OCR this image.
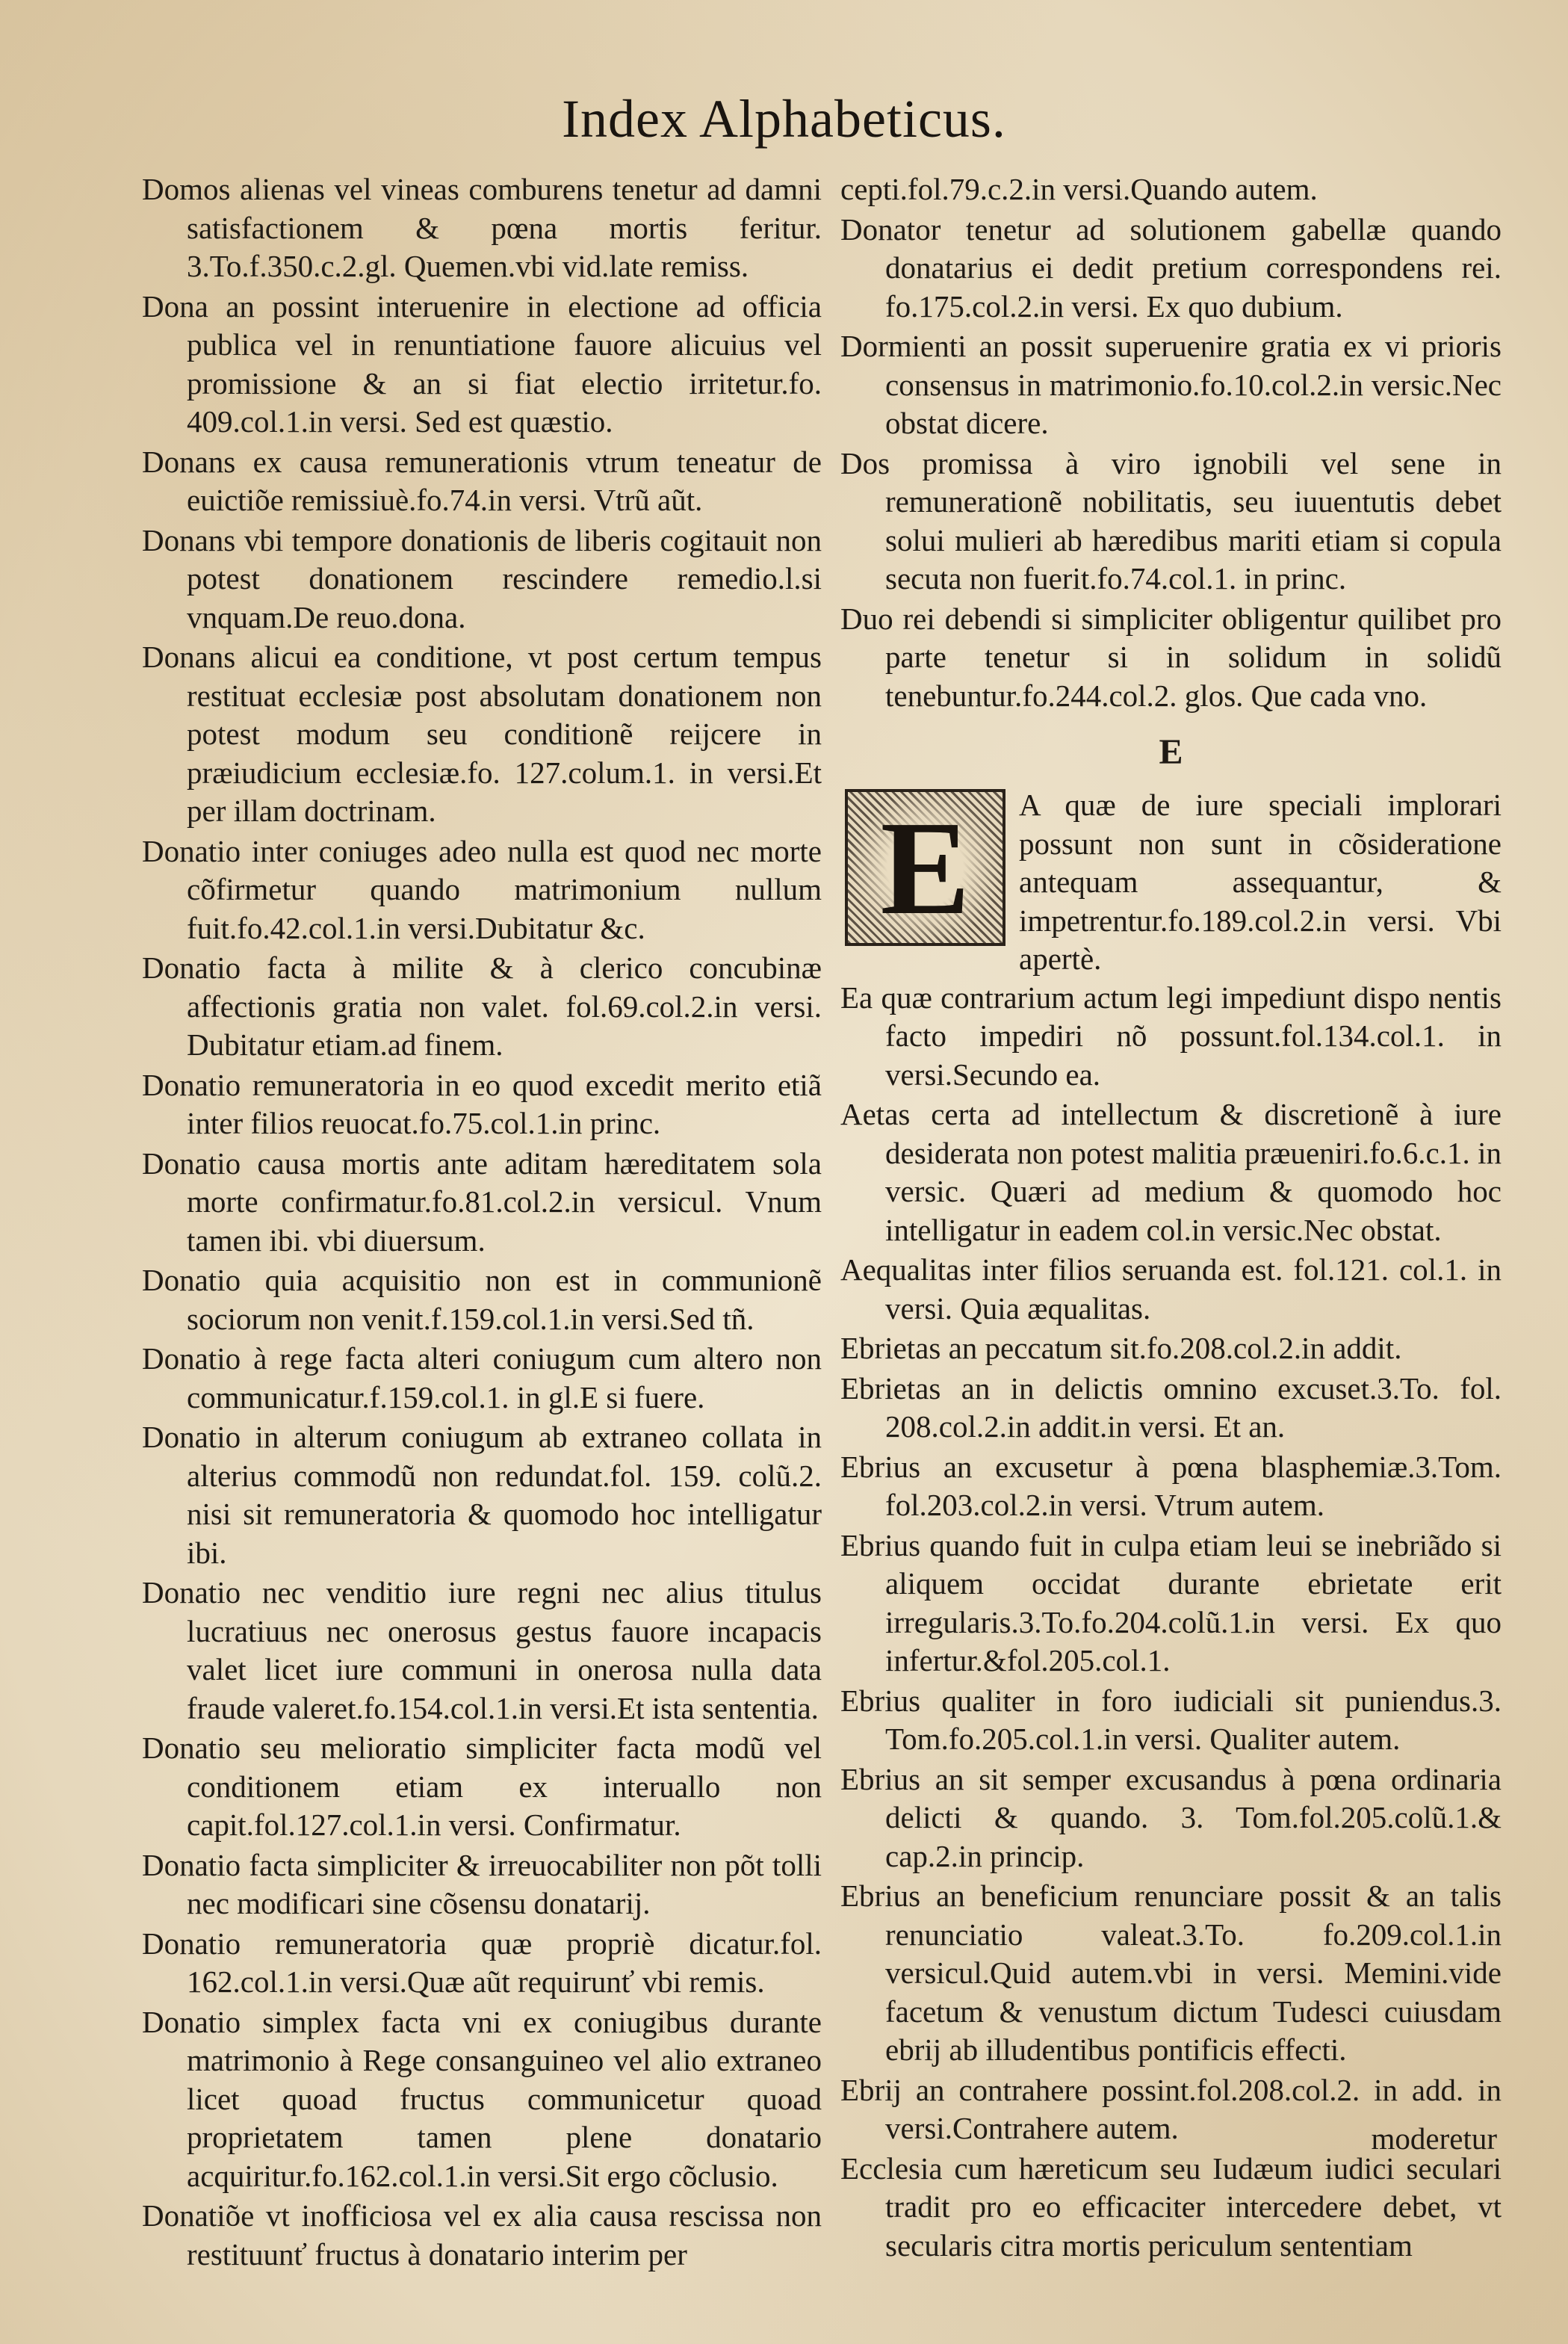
Index Alphabeticus.

Domos alienas vel vineas comburens tenetur ad damni satisfactionem & pœna mortis feritur. 3.To.f.350.c.2.gl. Quemen.vbi vid.late remiss.

Dona an possint interuenire in electione ad officia publica vel in renuntiatione fauore alicuius vel promissione & an si fiat electio irritetur.fo. 409.col.1.in versi. Sed est quæstio.

Donans ex causa remunerationis vtrum teneatur de euictiõe remissiuè.fo.74.in versi. Vtrũ aũt.

Donans vbi tempore donationis de liberis cogitauit non potest donationem rescindere remedio.l.si vnquam.De reuo.dona.

Donans alicui ea conditione, vt post certum tempus restituat ecclesiæ post absolutam donationem non potest modum seu conditionẽ reijcere in præiudicium ecclesiæ.fo. 127.colum.1. in versi.Et per illam doctrinam.

Donatio inter coniuges adeo nulla est quod nec morte cõfirmetur quando matrimonium nullum fuit.fo.42.col.1.in versi.Dubitatur &c.

Donatio facta à milite & à clerico concubinæ affectionis gratia non valet. fol.69.col.2.in versi. Dubitatur etiam.ad finem.

Donatio remuneratoria in eo quod excedit merito etiã inter filios reuocat.fo.75.col.1.in princ.

Donatio causa mortis ante aditam hæreditatem sola morte confirmatur.fo.81.col.2.in versicul. Vnum tamen ibi. vbi diuersum.

Donatio quia acquisitio non est in communionẽ sociorum non venit.f.159.col.1.in versi.Sed tñ.

Donatio à rege facta alteri coniugum cum altero non communicatur.f.159.col.1. in gl.E si fuere.

Donatio in alterum coniugum ab extraneo collata in alterius commodũ non redundat.fol. 159. colũ.2. nisi sit remuneratoria & quomodo hoc intelligatur ibi.

Donatio nec venditio iure regni nec alius titulus lucratiuus nec onerosus gestus fauore incapacis valet licet iure communi in onerosa nulla data fraude valeret.fo.154.col.1.in versi.Et ista sententia.

Donatio seu melioratio simpliciter facta modũ vel conditionem etiam ex interuallo non capit.fol.127.col.1.in versi. Confirmatur.

Donatio facta simpliciter & irreuocabiliter non põt tolli nec modificari sine cõsensu donatarij.

Donatio remuneratoria quæ propriè dicatur.fol. 162.col.1.in versi.Quæ aũt requirunť vbi remis.

Donatio simplex facta vni ex coniugibus durante matrimonio à Rege consanguineo vel alio extraneo licet quoad fructus communicetur quoad proprietatem tamen plene donatario acquiritur.fo.162.col.1.in versi.Sit ergo cõclusio.

Donatiõe vt inofficiosa vel ex alia causa rescissa non restituunť fructus à donatario interim per

cepti.fol.79.c.2.in versi.Quando autem.

Donator tenetur ad solutionem gabellæ quando donatarius ei dedit pretium correspondens rei. fo.175.col.2.in versi. Ex quo dubium.

Dormienti an possit superuenire gratia ex vi prioris consensus in matrimonio.fo.10.col.2.in versic.Nec obstat dicere.

Dos promissa à viro ignobili vel sene in remunerationẽ nobilitatis, seu iuuentutis debet solui mulieri ab hæredibus mariti etiam si copula secuta non fuerit.fo.74.col.1. in princ.

Duo rei debendi si simpliciter obligentur quilibet pro parte tenetur si in solidum in solidũ tenebuntur.fo.244.col.2. glos. Que cada vno.

E
E	A quæ de iure speciali implorari possunt non sunt in cõsideratione antequam assequantur, & impetrentur.fo.189.col.2.in versi. Vbi apertè.

Ea quæ contrarium actum legi impediunt dispo nentis facto impediri nõ possunt.fol.134.col.1. in versi.Secundo ea.

Aetas certa ad intellectum & discretionẽ à iure desiderata non potest malitia præueniri.fo.6.c.1. in versic. Quæri ad medium & quomodo hoc intelligatur in eadem col.in versic.Nec obstat.

Aequalitas inter filios seruanda est. fol.121. col.1. in versi. Quia æqualitas.

Ebrietas an peccatum sit.fo.208.col.2.in addit.

Ebrietas an in delictis omnino excuset.3.To. fol. 208.col.2.in addit.in versi. Et an.

Ebrius an excusetur à pœna blasphemiæ.3.Tom. fol.203.col.2.in versi. Vtrum autem.

Ebrius quando fuit in culpa etiam leui se inebriãdo si aliquem occidat durante ebrietate erit irregularis.3.To.fo.204.colũ.1.in versi. Ex quo infertur.&fol.205.col.1.

Ebrius qualiter in foro iudiciali sit puniendus.3. Tom.fo.205.col.1.in versi. Qualiter autem.

Ebrius an sit semper excusandus à pœna ordinaria delicti & quando. 3. Tom.fol.205.colũ.1.& cap.2.in princip.

Ebrius an beneficium renunciare possit & an talis renunciatio valeat.3.To. fo.209.col.1.in versicul.Quid autem.vbi in versi. Memini.vide facetum & venustum dictum Tudesci cuiusdam ebrij ab illudentibus pontificis effecti.

Ebrij an contrahere possint.fol.208.col.2. in add. in versi.Contrahere autem.

Ecclesia cum hæreticum seu Iudæum iudici seculari tradit pro eo efficaciter intercedere debet, vt secularis citra mortis periculum sententiam

moderetur
